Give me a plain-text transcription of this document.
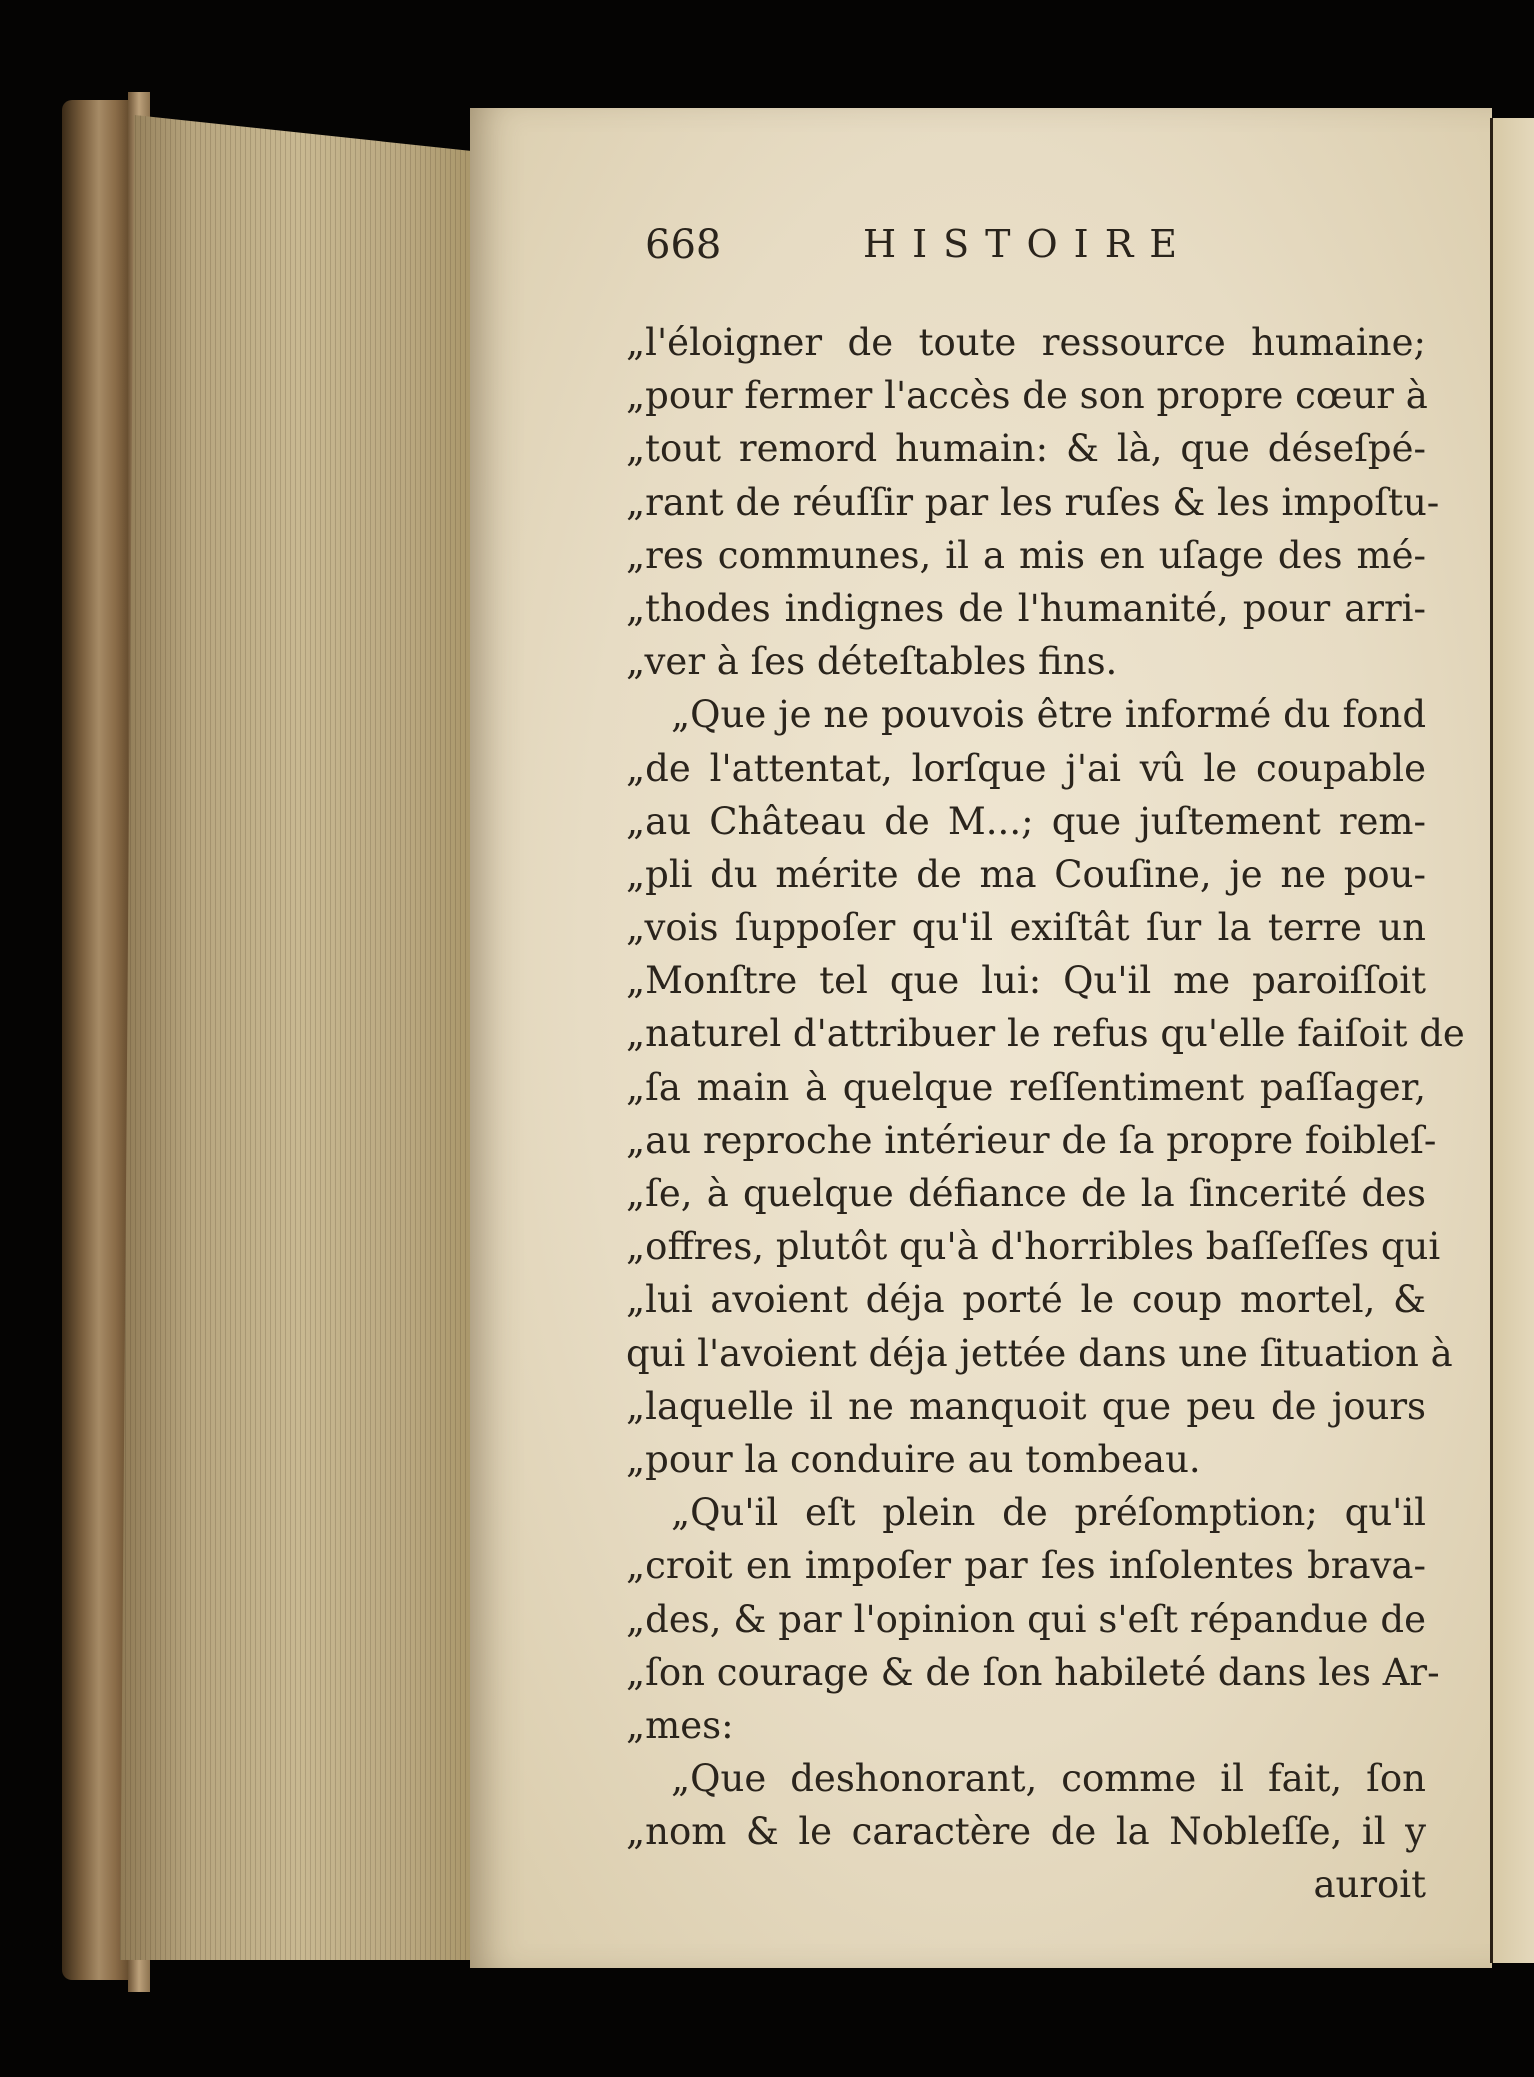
668	HISTOIRE
„l'éloigner de toute ressource humaine;
„pour fermer l'accès de son propre cœur à
„tout remord humain: & là, que déseſpé-
„rant de réuſſir par les ruſes & les impoſtu-
„res communes, il a mis en uſage des mé-
„thodes indignes de l'humanité, pour arri-
„ver à ſes déteſtables fins.
„Que je ne pouvois être informé du fond
„de l'attentat, lorſque j'ai vû le coupable
„au Château de M...; que juſtement rem-
„pli du mérite de ma Couſine, je ne pou-
„vois ſuppoſer qu'il exiſtât ſur la terre un
„Monſtre tel que lui: Qu'il me paroiſſoit
„naturel d'attribuer le refus qu'elle faiſoit de
„ſa main à quelque reſſentiment paſſager,
„au reproche intérieur de ſa propre foibleſ-
„ſe, à quelque défiance de la ſincerité des
„offres, plutôt qu'à d'horribles baſſeſſes qui
„lui avoient déja porté le coup mortel, &
qui l'avoient déja jettée dans une ſituation à
„laquelle il ne manquoit que peu de jours
„pour la conduire au tombeau.
„Qu'il eſt plein de préſomption; qu'il
„croit en impoſer par ſes inſolentes brava-
„des, & par l'opinion qui s'eſt répandue de
„ſon courage & de ſon habileté dans les Ar-
„mes:
„Que deshonorant, comme il fait, ſon
„nom & le caractère de la Nobleſſe, il y
auroit
